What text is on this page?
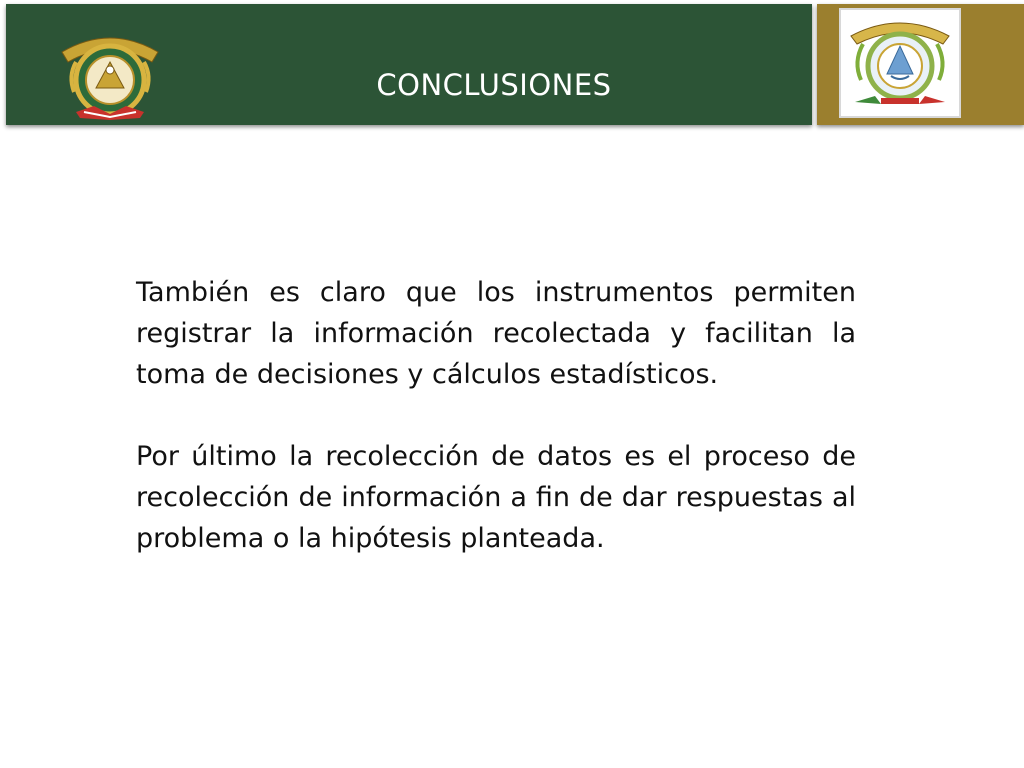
CONCLUSIONES

También es claro que los instrumentos permiten registrar la información recolectada y facilitan la toma de decisiones y cálculos estadísticos.

Por último la recolección de datos es el proceso de recolección de información a fin de dar respuestas al problema o la hipótesis planteada.
